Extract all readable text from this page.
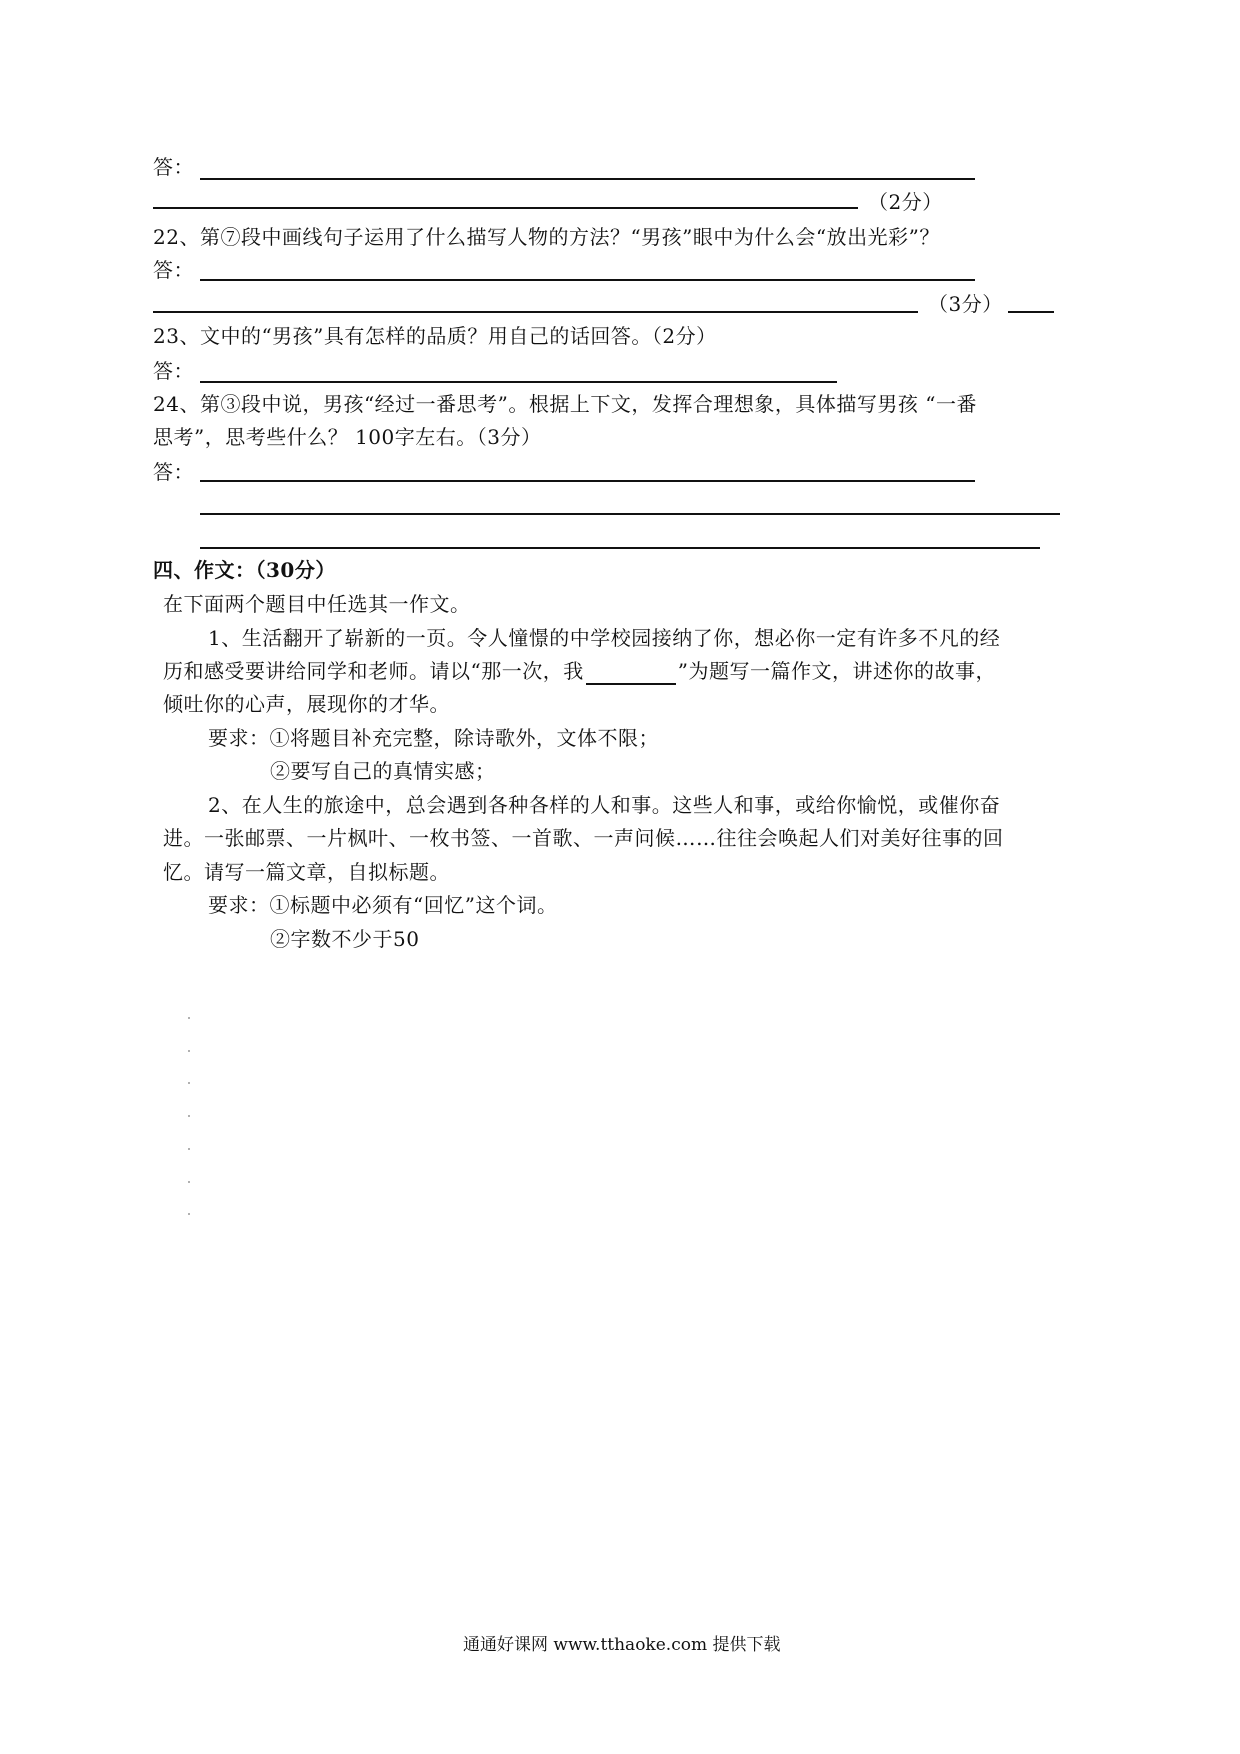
答：
（2分）
22、第⑦段中画线句子运用了什么描写人物的方法？“男孩”眼中为什么会“放出光彩”？
答：
（3分）
23、文中的“男孩”具有怎样的品质？用自己的话回答。（2分）
答：
24、第③段中说，男孩“经过一番思考”。根据上下文，发挥合理想象，具体描写男孩 “一番
思考”，思考些什么？ 100字左右。（3分）
答：
四、作文：（30分）
在下面两个题目中任选其一作文。
1、生活翻开了崭新的一页。令人憧憬的中学校园接纳了你，想必你一定有许多不凡的经
历和感受要讲给同学和老师。请以“那一次，我	”为题写一篇作文，讲述你的故事，
倾吐你的心声，展现你的才华。
要求：①将题目补充完整，除诗歌外，文体不限；
②要写自己的真情实感；
2、在人生的旅途中，总会遇到各种各样的人和事。这些人和事，或给你愉悦，或催你奋
进。一张邮票、一片枫叶、一枚书签、一首歌、一声问候……往往会唤起人们对美好往事的回
忆。请写一篇文章，自拟标题。
要求：①标题中必须有“回忆”这个词。
②字数不少于50
通通好课网 www.tthaoke.com 提供下载
